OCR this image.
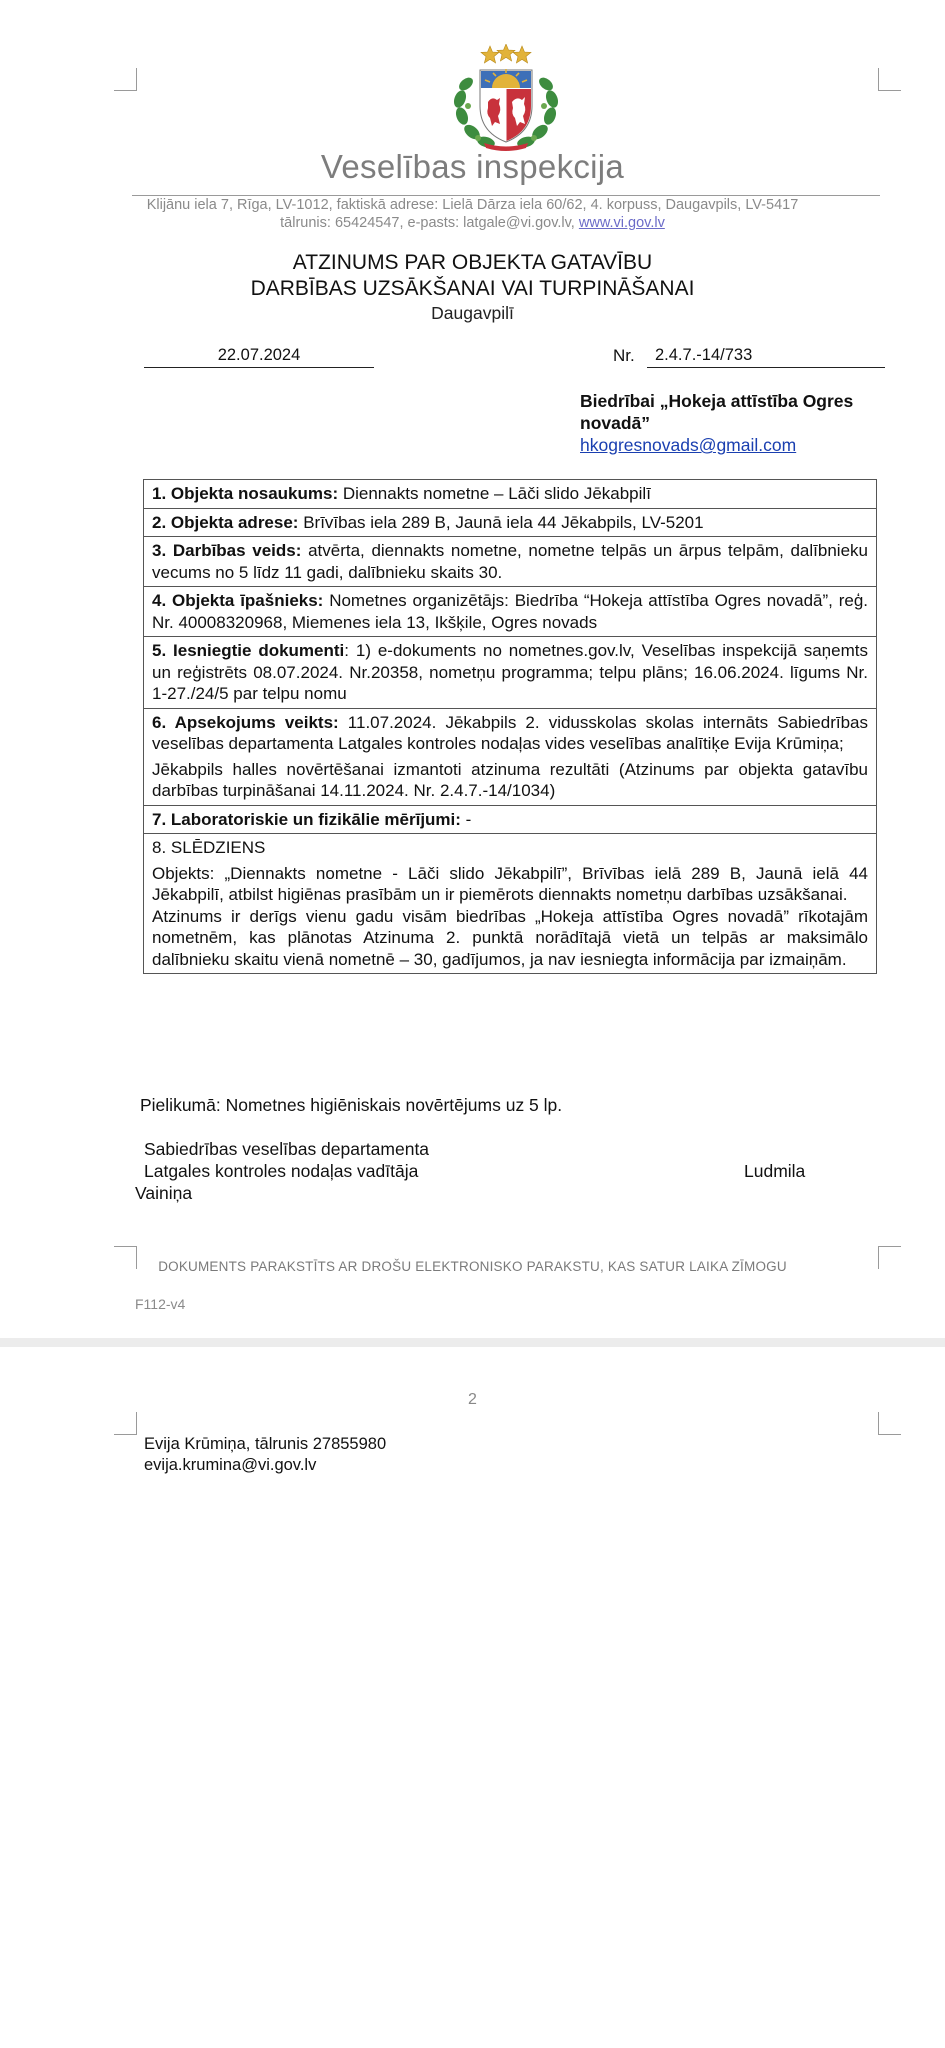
Veselības inspekcija
Klijānu iela 7, Rīga, LV-1012, faktiskā adrese: Lielā Dārza iela 60/62, 4. korpuss, Daugavpils, LV-5417
tālrunis: 65424547, e-pasts: latgale@vi.gov.lv, www.vi.gov.lv
ATZINUMS PAR OBJEKTA GATAVĪBU
DARBĪBAS UZSĀKŠANAI VAI TURPINĀŠANAI
Daugavpilī
22.07.2024	Nr.	2.4.7.-14/733
Biedrībai „Hokeja attīstība Ogres novadā”
hkogresnovads@gmail.com
1. Objekta nosaukums: Diennakts nometne – Lāči slido Jēkabpilī
2. Objekta adrese: Brīvības iela 289 B, Jaunā iela 44 Jēkabpils, LV-5201
3. Darbības veids: atvērta, diennakts nometne, nometne telpās un ārpus telpām, dalībnieku vecums no 5 līdz 11 gadi, dalībnieku skaits 30.
4. Objekta īpašnieks: Nometnes organizētājs: Biedrība “Hokeja attīstība Ogres novadā”, reģ. Nr. 40008320968, Miemenes iela 13, Ikšķile, Ogres novads
5. Iesniegtie dokumenti: 1) e-dokuments no nometnes.gov.lv, Veselības inspekcijā saņemts un reģistrēts 08.07.2024. Nr.20358, nometņu programma; telpu plāns; 16.06.2024. līgums Nr. 1-27./24/5 par telpu nomu

6. Apsekojums veikts: 11.07.2024. Jēkabpils 2. vidusskolas skolas internāts Sabiedrības veselības departamenta Latgales kontroles nodaļas vides veselības analītiķe Evija Krūmiņa;

Jēkabpils halles novērtēšanai izmantoti atzinuma rezultāti (Atzinums par objekta gatavību darbības turpināšanai 14.11.2024. Nr. 2.4.7.-14/1034)

7. Laboratoriskie un fizikālie mērījumi: -

8. SLĒDZIENS

Objekts: „Diennakts nometne - Lāči slido Jēkabpilī”, Brīvības ielā 289 B, Jaunā ielā 44 Jēkabpilī, atbilst higiēnas prasībām un ir piemērots diennakts nometņu darbības uzsākšanai.

Atzinums ir derīgs vienu gadu visām biedrības „Hokeja attīstība Ogres novadā” rīkotajām nometnēm, kas plānotas Atzinuma 2. punktā norādītajā vietā un telpās ar maksimālo dalībnieku skaitu vienā nometnē – 30, gadījumos, ja nav iesniegta informācija par izmaiņām.

Pielikumā: Nometnes higiēniskais novērtējums uz 5 lp.
Sabiedrības veselības departamenta
Latgales kontroles nodaļas vadītāja	Ludmila
Vainiņa
DOKUMENTS PARAKSTĪTS AR DROŠU ELEKTRONISKO PARAKSTU, KAS SATUR LAIKA ZĪMOGU
F112-v4
2
Evija Krūmiņa, tālrunis 27855980
evija.krumina@vi.gov.lv
